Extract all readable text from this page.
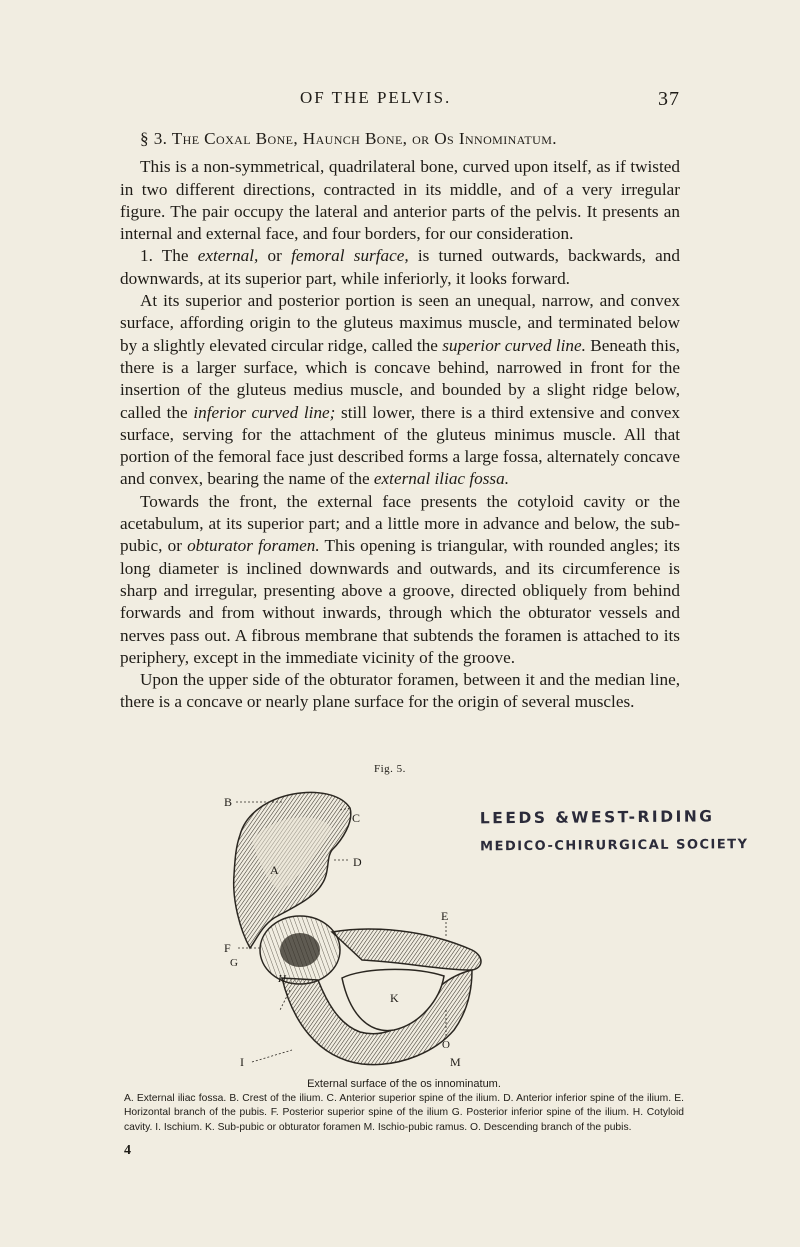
OF THE PELVIS.	37

§ 3. The Coxal Bone, Haunch Bone, or Os Innominatum.

This is a non-symmetrical, quadrilateral bone, curved upon itself, as if twisted in two different directions, contracted in its middle, and of a very irregular figure. The pair occupy the lateral and anterior parts of the pelvis. It presents an internal and external face, and four borders, for our consideration.

1. The external, or femoral surface, is turned outwards, backwards, and downwards, at its superior part, while inferiorly, it looks forward.

At its superior and posterior portion is seen an unequal, narrow, and convex surface, affording origin to the gluteus maximus muscle, and terminated below by a slightly elevated circular ridge, called the superior curved line. Beneath this, there is a larger surface, which is concave behind, narrowed in front for the insertion of the gluteus medius muscle, and bounded by a slight ridge below, called the inferior curved line; still lower, there is a third extensive and convex surface, serving for the attachment of the gluteus minimus muscle. All that portion of the femoral face just described forms a large fossa, alternately concave and convex, bearing the name of the external iliac fossa.

Towards the front, the external face presents the cotyloid cavity or the acetabulum, at its superior part; and a little more in advance and below, the sub-pubic, or obturator foramen. This opening is triangular, with rounded angles; its long diameter is inclined downwards and outwards, and its circumference is sharp and irregular, presenting above a groove, directed obliquely from behind forwards and from without inwards, through which the obturator vessels and nerves pass out. A fibrous membrane that subtends the foramen is attached to its periphery, except in the immediate vicinity of the groove.

Upon the upper side of the obturator foramen, between it and the median line, there is a concave or nearly plane surface for the origin of several muscles.

Fig. 5.
B
C
A
D
E
F
G
H
K
O
M
I
LEEDS &WEST-RIDING
MEDICO-CHIRURGICAL SOCIETY
External surface of the os innominatum.
A. External iliac fossa. B. Crest of the ilium. C. Anterior superior spine of the ilium. D. Anterior inferior spine of the ilium. E. Horizontal branch of the pubis. F. Posterior superior spine of the ilium G. Posterior inferior spine of the ilium. H. Cotyloid cavity. I. Ischium. K. Sub-pubic or obturator foramen M. Ischio-pubic ramus. O. Descending branch of the pubis.
4
